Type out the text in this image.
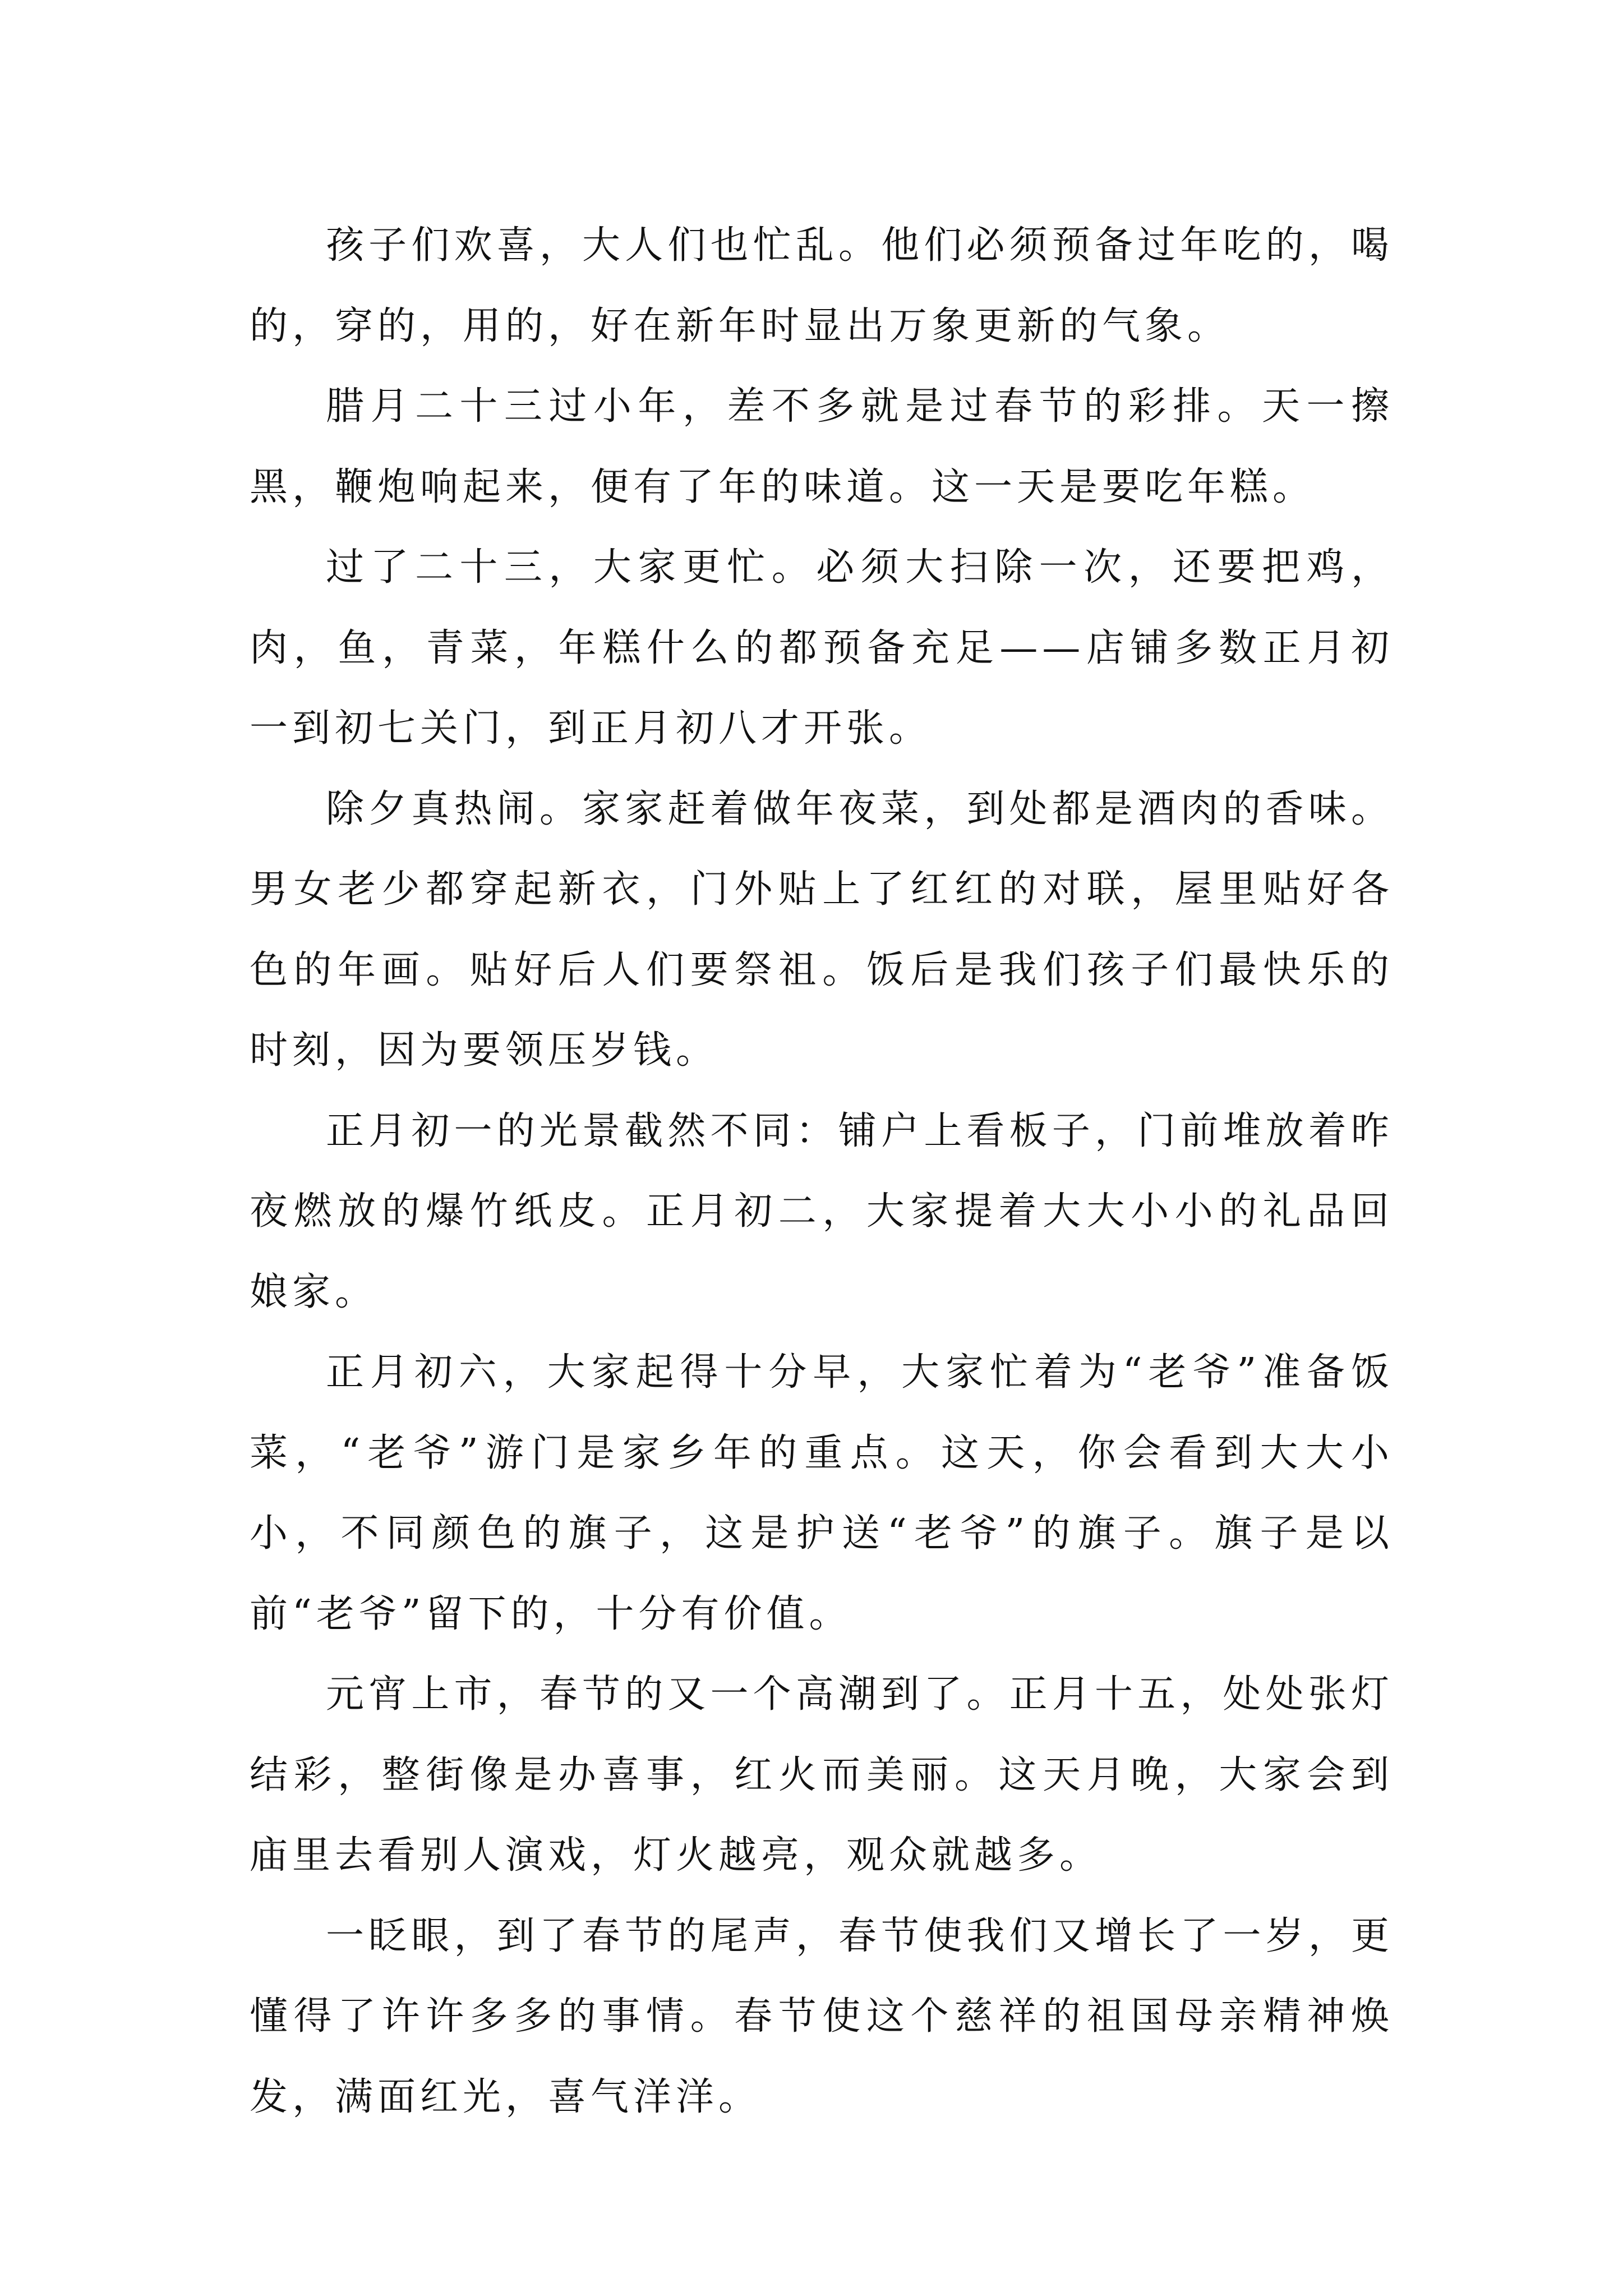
孩子们欢喜，大人们也忙乱。他们必须预备过年吃的，喝的，穿的，用的，好在新年时显出万象更新的气象。

腊月二十三过小年，差不多就是过春节的彩排。天一擦黑，鞭炮响起来，便有了年的味道。这一天是要吃年糕。

过了二十三，大家更忙。必须大扫除一次，还要把鸡，肉，鱼，青菜，年糕什么的都预备充足——店铺多数正月初一到初七关门，到正月初八才开张。

除夕真热闹。家家赶着做年夜菜，到处都是酒肉的香味。男女老少都穿起新衣，门外贴上了红红的对联，屋里贴好各色的年画。贴好后人们要祭祖。饭后是我们孩子们最快乐的时刻，因为要领压岁钱。

正月初一的光景截然不同：铺户上看板子，门前堆放着昨夜燃放的爆竹纸皮。正月初二，大家提着大大小小的礼品回娘家。

正月初六，大家起得十分早，大家忙着为“老爷”准备饭菜，“老爷”游门是家乡年的重点。这天，你会看到大大小小，不同颜色的旗子，这是护送“老爷”的旗子。旗子是以前“老爷”留下的，十分有价值。

元宵上市，春节的又一个高潮到了。正月十五，处处张灯结彩，整街像是办喜事，红火而美丽。这天月晚，大家会到庙里去看别人演戏，灯火越亮，观众就越多。

一眨眼，到了春节的尾声，春节使我们又增长了一岁，更懂得了许许多多的事情。春节使这个慈祥的祖国母亲精神焕发，满面红光，喜气洋洋。
